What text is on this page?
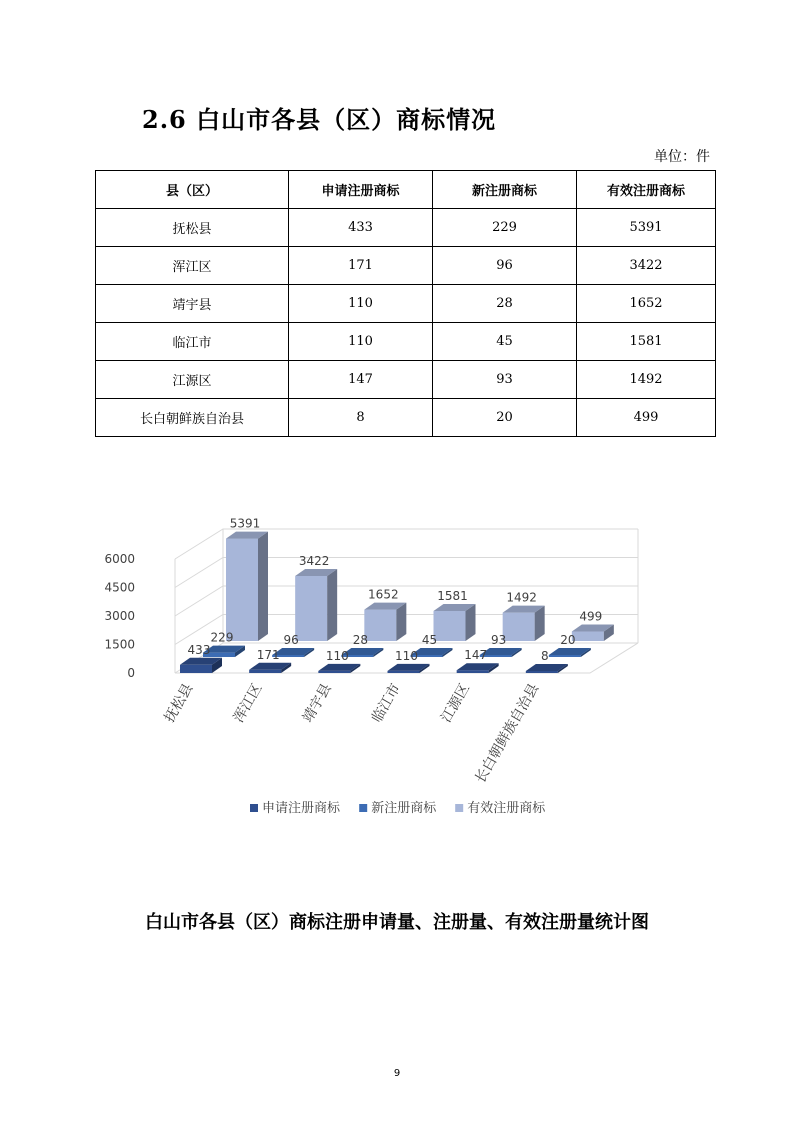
2.6 白山市各县（区）商标情况
单位：件
县（区）	申请注册商标	新注册商标	有效注册商标
抚松县	433	229	5391
浑江区	171	96	3422
靖宇县	110	28	1652
临江市	110	45	1581
江源区	147	93	1492
长白朝鲜族自治县	8	20	499
0
1500
3000
4500
6000
5391
3422
1652	1581	1492
499
229	96	28	45	93	20
433	171	110	110	147	8
抚松县 浑江区 靖宇县 临江市 江源区 长白朝鲜族自治县
申请注册商标 新注册商标 有效注册商标

白山市各县（区）商标注册申请量、注册量、有效注册量统计图

9
